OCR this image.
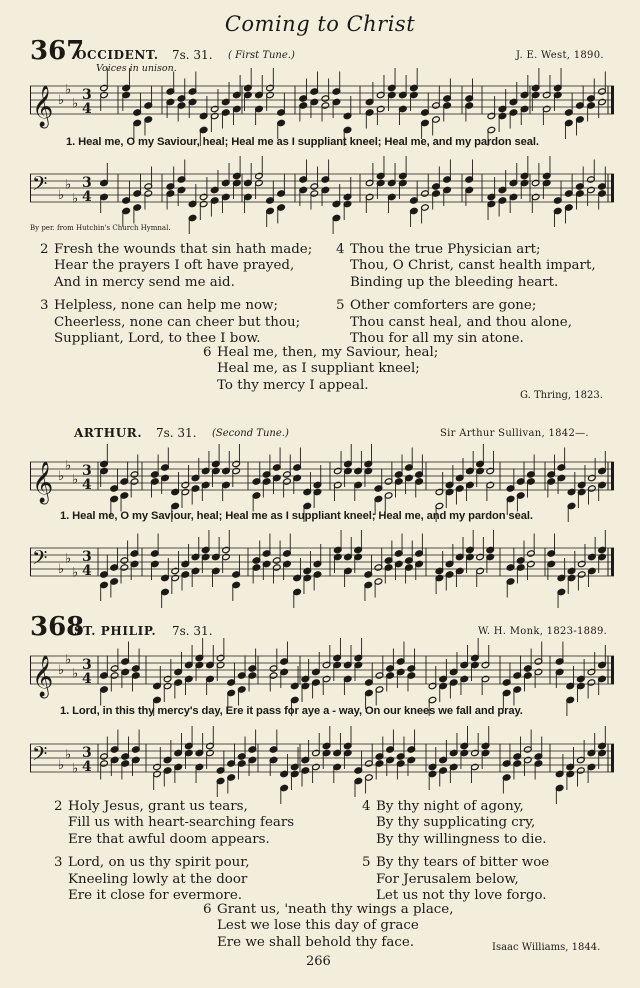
Coming to Christ
367
OCCIDENT. 7s. 31. ( First Tune.)	J. E. West, 1890.
Voices in unison.
𝄞 ♭
♭
♭
3
4
1. Heal me, O my Saviour, heal; Heal me as I suppliant kneel; Heal me, and my pardon seal.
𝄢 ♭
♭
♭
3
4
By per. from Hutchin's Church Hymnal.
2 Fresh the wounds that sin hath made;
Hear the prayers I oft have prayed,
And in mercy send me aid.
3 Helpless, none can help me now;
Cheerless, none can cheer but thou;
Suppliant, Lord, to thee I bow.
4 Thou the true Physician art;
Thou, O Christ, canst health impart,
Binding up the bleeding heart.
5 Other comforters are gone;
Thou canst heal, and thou alone,
Thou for all my sin atone.
6 Heal me, then, my Saviour, heal;
Heal me, as I suppliant kneel;
To thy mercy I appeal.
G. Thring, 1823.
ARTHUR. 7s. 31. (Second Tune.)	Sir Arthur Sullivan, 1842—.
𝄞 ♭
♭
♭
3
4
1. Heal me, O my Saviour, heal; Heal me as I suppliant kneel; Heal me, and my pardon seal.
𝄢 ♭
♭
♭
3
4
368
ST. PHILIP. 7s. 31.	W. H. Monk, 1823-1889.
𝄞 ♭
♭
♭
3
4
1. Lord, in this thy mercy's day, Ere it pass for aye a - way, On our knees we fall and pray.
𝄢 ♭
♭
♭
3
4
2 Holy Jesus, grant us tears,
Fill us with heart-searching fears
Ere that awful doom appears.
3 Lord, on us thy spirit pour,
Kneeling lowly at the door
Ere it close for evermore.
4 By thy night of agony,
By thy supplicating cry,
By thy willingness to die.
5 By thy tears of bitter woe
For Jerusalem below,
Let us not thy love forgo.
6 Grant us, 'neath thy wings a place,
Lest we lose this day of grace
Ere we shall behold thy face.	Isaac Williams, 1844.
266
